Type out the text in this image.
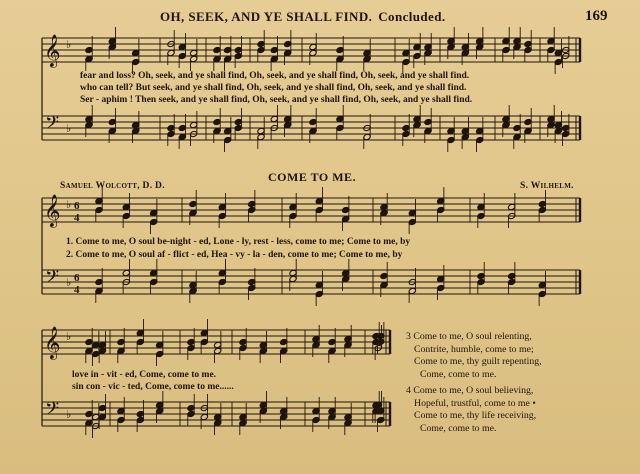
OH, SEEK, AND YE SHALL FIND. Concluded.	169
𝄞
𝄢
♭
♭
𝄞
𝄢
♭
♭
6
4
6
4
𝄞
𝄢
♭
♭
fear and loss? Oh, seek, and ye shall find, Oh, seek, and ye shall find, Oh, seek, and ye shall find.
who can tell? But seek, and ye shall find, Oh, seek, and ye shall find, Oh, seek, and ye shall find.
Ser - aphim ! Then seek, and ye shall find, Oh, seek, and ye shall find, Oh, seek, and ye shall find.
COME TO ME.
Samuel Wolcott, D. D.	S. Wilhelm.
1. Come to me, O soul be-night - ed, Lone - ly, rest - less, come to me; Come to me, by
2. Come to me, O soul af - flict - ed, Hea - vy - la - den, come to me; Come to me, by
love in - vit - ed, Come, come to me.
sin con - vic - ted, Come, come to me......
3 Come to me, O soul relenting,
Contrite, humble, come to me;
Come to me, thy guilt repenting,
Come, come to me.
4 Come to me, O soul believing,
Hopeful, trustful, come to me •
Come to me, thy life receiving,
Come, come to me.
